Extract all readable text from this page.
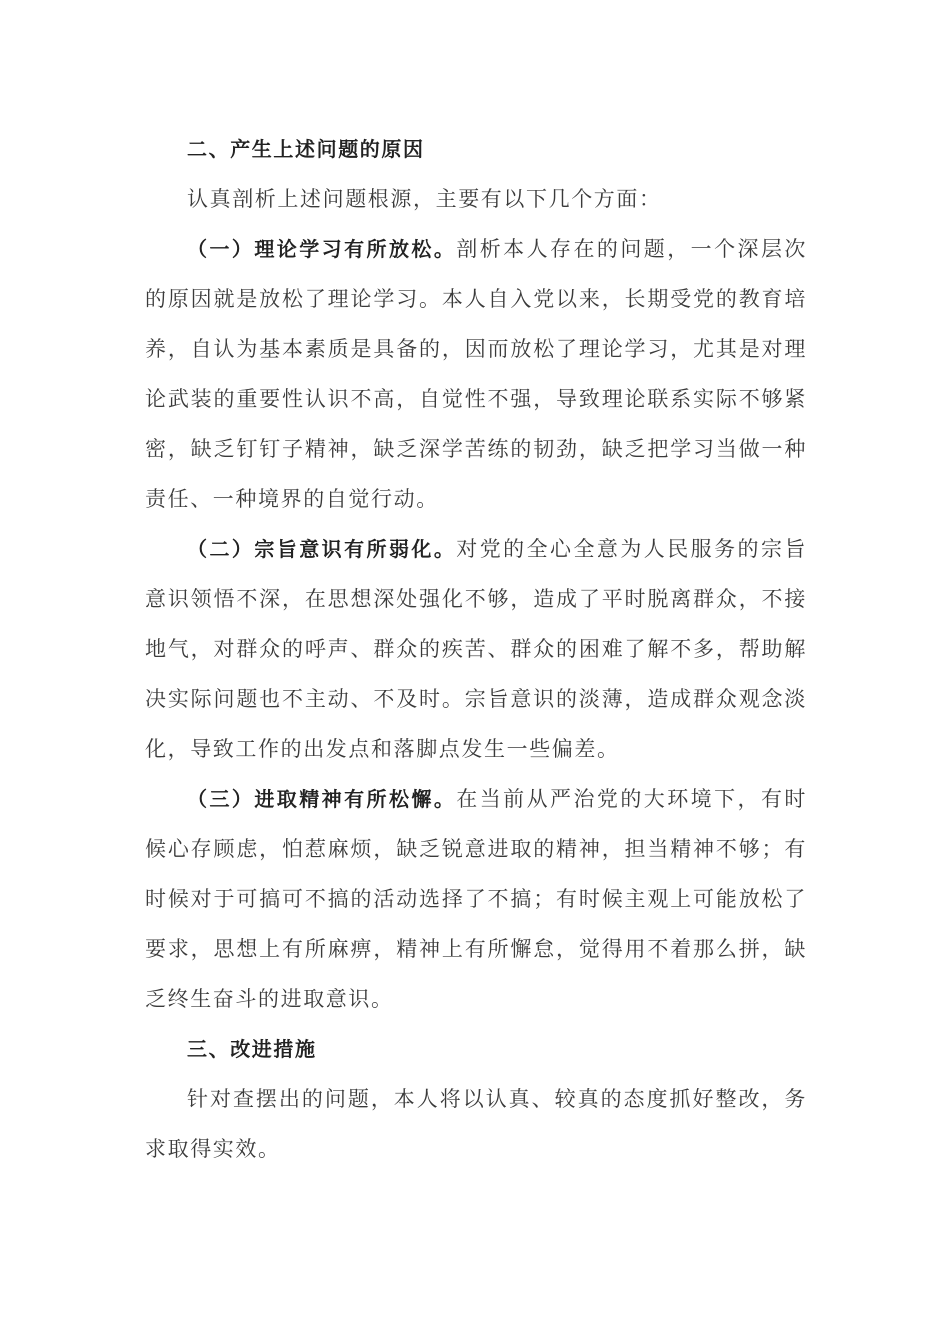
二、产生上述问题的原因

认真剖析上述问题根源，主要有以下几个方面：

（一）理论学习有所放松。剖析本人存在的问题，一个深层次的原因就是放松了理论学习。本人自入党以来，长期受党的教育培养，自认为基本素质是具备的，因而放松了理论学习，尤其是对理论武装的重要性认识不高，自觉性不强，导致理论联系实际不够紧密，缺乏钉钉子精神，缺乏深学苦练的韧劲，缺乏把学习当做一种责任、一种境界的自觉行动。

（二）宗旨意识有所弱化。对党的全心全意为人民服务的宗旨意识领悟不深，在思想深处强化不够，造成了平时脱离群众，不接地气，对群众的呼声、群众的疾苦、群众的困难了解不多，帮助解决实际问题也不主动、不及时。宗旨意识的淡薄，造成群众观念淡化，导致工作的出发点和落脚点发生一些偏差。

（三）进取精神有所松懈。在当前从严治党的大环境下，有时候心存顾虑，怕惹麻烦，缺乏锐意进取的精神，担当精神不够；有时候对于可搞可不搞的活动选择了不搞；有时候主观上可能放松了要求，思想上有所麻痹，精神上有所懈怠，觉得用不着那么拼，缺乏终生奋斗的进取意识。

三、改进措施

针对查摆出的问题，本人将以认真、较真的态度抓好整改，务求取得实效。
